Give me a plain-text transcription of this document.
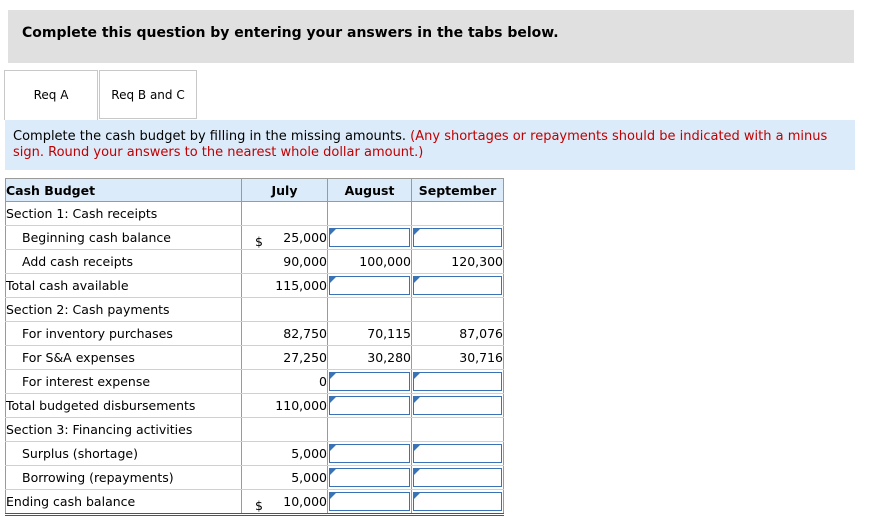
Complete this question by entering your answers in the tabs below.
Req A	Req B and C
Complete the cash budget by filling in the missing amounts. (Any shortages or repayments should be indicated with a minus sign. Round your answers to the nearest whole dollar amount.)
Cash Budget	July	August	September
Section 1: Cash receipts	

Beginning cash balance	$ 25,000		

Add cash receipts	90,000	100,000	120,300

Total cash available	115,000		

Section 2: Cash payments	

For inventory purchases	82,750	70,115	87,076

For S&A expenses	27,250	30,280	30,716

For interest expense	0		

Total budgeted disbursements	110,000		

Section 3: Financing activities	

Surplus (shortage)	5,000		

Borrowing (repayments)	5,000		

Ending cash balance	$ 10,000		
